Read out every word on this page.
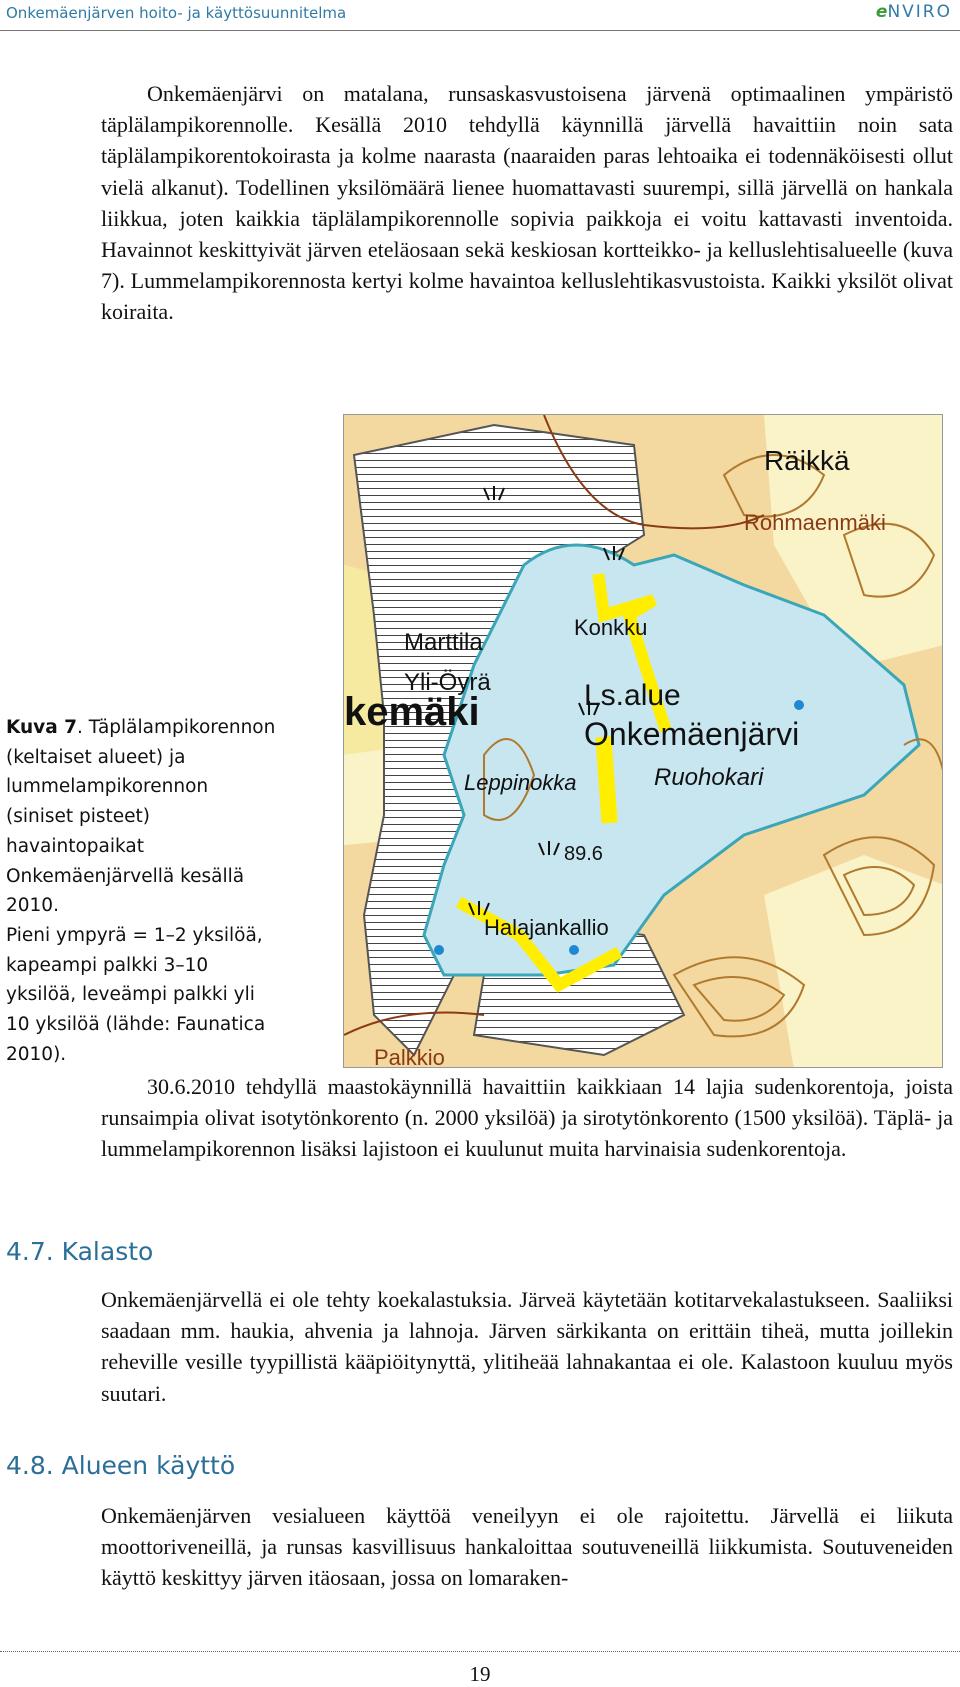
Onkemäenjärven hoito- ja käyttösuunnitelma	eNVIRO

Onkemäenjärvi on matalana, runsaskasvustoisena järvenä optimaalinen ympäristö täplälampikorennolle. Kesällä 2010 tehdyllä käynnillä järvellä havaittiin noin sata täplälampikorentokoirasta ja kolme naarasta (naaraiden paras lehtoaika ei todennäköisesti ollut vielä alkanut). Todellinen yksilömäärä lienee huomattavasti suurempi, sillä järvellä on hankala liikkua, joten kaikkia täplälampikorennolle sopivia paikkoja ei voitu kattavasti inventoida. Havainnot keskittyivät järven eteläosaan sekä keskiosan kortteikko- ja kelluslehtisalueelle (kuva 7). Lummelampikorennosta kertyi kolme havaintoa kelluslehtikasvustoista. Kaikki yksilöt olivat koiraita.

Räikkä
Rohmaenmäki
Marttila
Yli-Öyrä
kemäki
Konkku
Ls.alue
Onkemäenjärvi
Ruohokari
Leppinokka
89.6
Halajankallio
Palkkio

Kuva 7. Täplälampikorennon (keltaiset alueet) ja lummelampikorennon (siniset pisteet) havaintopaikat Onkemäenjärvellä kesällä 2010.

Pieni ympyrä = 1–2 yksilöä, kapeampi palkki 3–10 yksilöä, leveämpi palkki yli 10 yksilöä (lähde: Faunatica 2010).

30.6.2010 tehdyllä maastokäynnillä havaittiin kaikkiaan 14 lajia sudenkorentoja, joista runsaimpia olivat isotytönkorento (n. 2000 yksilöä) ja sirotytönkorento (1500 yksilöä). Täplä- ja lummelampikorennon lisäksi lajistoon ei kuulunut muita harvinaisia sudenkorentoja.

4.7. Kalasto

Onkemäenjärvellä ei ole tehty koekalastuksia. Järveä käytetään kotitarvekalastukseen. Saaliiksi saadaan mm. haukia, ahvenia ja lahnoja. Järven särkikanta on erittäin tiheä, mutta joillekin reheville vesille tyypillistä kääpiöitynyttä, ylitiheää lahnakantaa ei ole. Kalastoon kuuluu myös suutari.

4.8. Alueen käyttö

Onkemäenjärven vesialueen käyttöä veneilyyn ei ole rajoitettu. Järvellä ei liikuta moottoriveneillä, ja runsas kasvillisuus hankaloittaa soutuveneillä liikkumista. Soutuveneiden käyttö keskittyy järven itäosaan, jossa on lomaraken-

19
